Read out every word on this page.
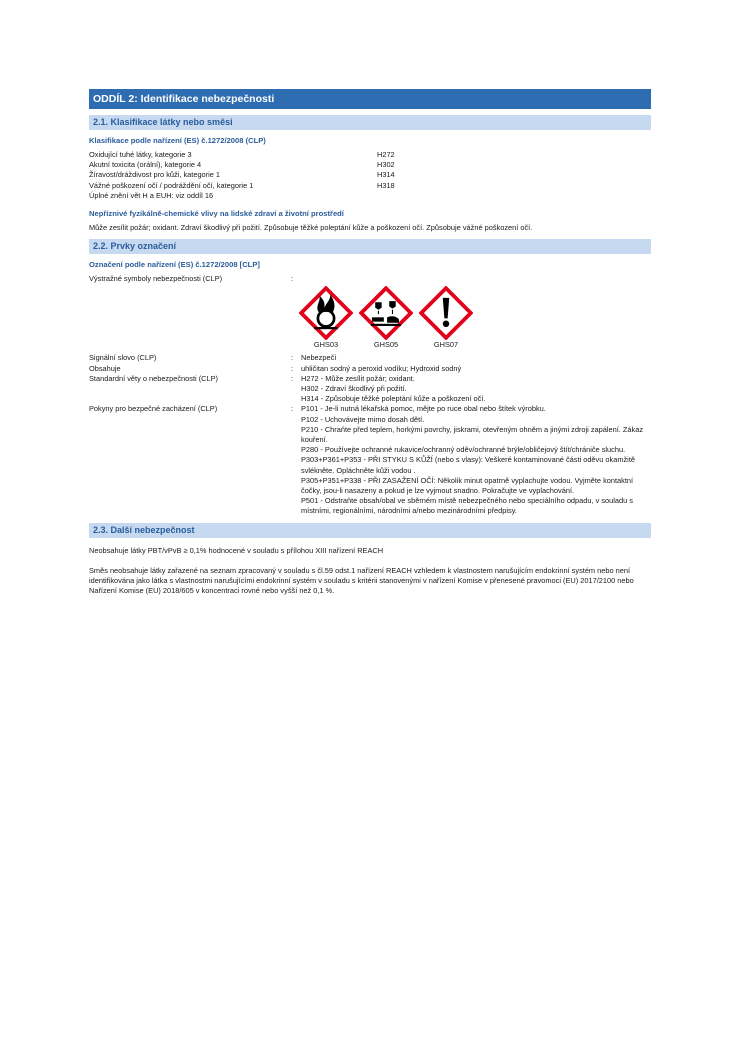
ODDÍL 2: Identifikace nebezpečnosti
2.1. Klasifikace látky nebo směsi
Klasifikace podle nařízení (ES) č.1272/2008 (CLP)
Oxidující tuhé látky, kategorie 3	H272
Akutní toxicita (orální), kategorie 4	H302
Žíravost/dráždivost pro kůži, kategorie 1	H314
Vážné poškození očí / podráždění očí, kategorie 1	H318
Úplné znění vět H a EUH: viz oddíl 16
Nepříznivé fyzikálně-chemické vlivy na lidské zdraví a životní prostředí
Může zesílit požár; oxidant. Zdraví škodlivý při požití. Způsobuje těžké poleptání kůže a poškození očí. Způsobuje vážné poškození očí.
2.2. Prvky označení
Označení podle nařízení (ES) č.1272/2008 [CLP]
Výstražné symboly nebezpečnosti (CLP)	:
GHS03	GHS05	GHS07
Signální slovo (CLP)	:	Nebezpečí
Obsahuje	:	uhličitan sodný a peroxid vodíku; Hydroxid sodný
Standardní věty o nebezpečnosti (CLP)	:	H272 - Může zesílit požár; oxidant.
H302 - Zdraví škodlivý při požití.
H314 - Způsobuje těžké poleptání kůže a poškození očí.
Pokyny pro bezpečné zacházení (CLP)	:	P101 - Je-li nutná lékařská pomoc, mějte po ruce obal nebo štítek výrobku.
P102 - Uchovávejte mimo dosah dětí.
P210 - Chraňte před teplem, horkými povrchy, jiskrami, otevřeným ohněm a jinými zdroji zapálení. Zákaz kouření.
P280 - Používejte ochranné rukavice/ochranný oděv/ochranné brýle/obličejový štít/chrániče sluchu.
P303+P361+P353 - PŘI STYKU S KŮŽÍ (nebo s vlasy): Veškeré kontaminované části oděvu okamžitě svlékněte. Opláchněte kůži vodou .
P305+P351+P338 - PŘI ZASAŽENÍ OČÍ: Několik minut opatrně vyplachujte vodou. Vyjměte kontaktní čočky, jsou-li nasazeny a pokud je lze vyjmout snadno. Pokračujte ve vyplachování.
P501 - Odstraňte obsah/obal ve sběrném místě nebezpečného nebo speciálního odpadu, v souladu s místními, regionálními, národními a/nebo mezinárodními předpisy.
2.3. Další nebezpečnost
Neobsahuje látky PBT/vPvB ≥ 0,1% hodnocené v souladu s přílohou XIII nařízení REACH
Směs neobsahuje látky zařazené na seznam zpracovaný v souladu s čl.59 odst.1 nařízení REACH vzhledem k vlastnostem narušujícím endokrinní systém nebo není identifikována jako látka s vlastnostmi narušujícími endokrinní systém v souladu s kritérii stanovenými v nařízení Komise v přenesené pravomoci (EU) 2017/2100 nebo Nařízení Komise (EU) 2018/605 v koncentraci rovné nebo vyšší než 0,1 %.
